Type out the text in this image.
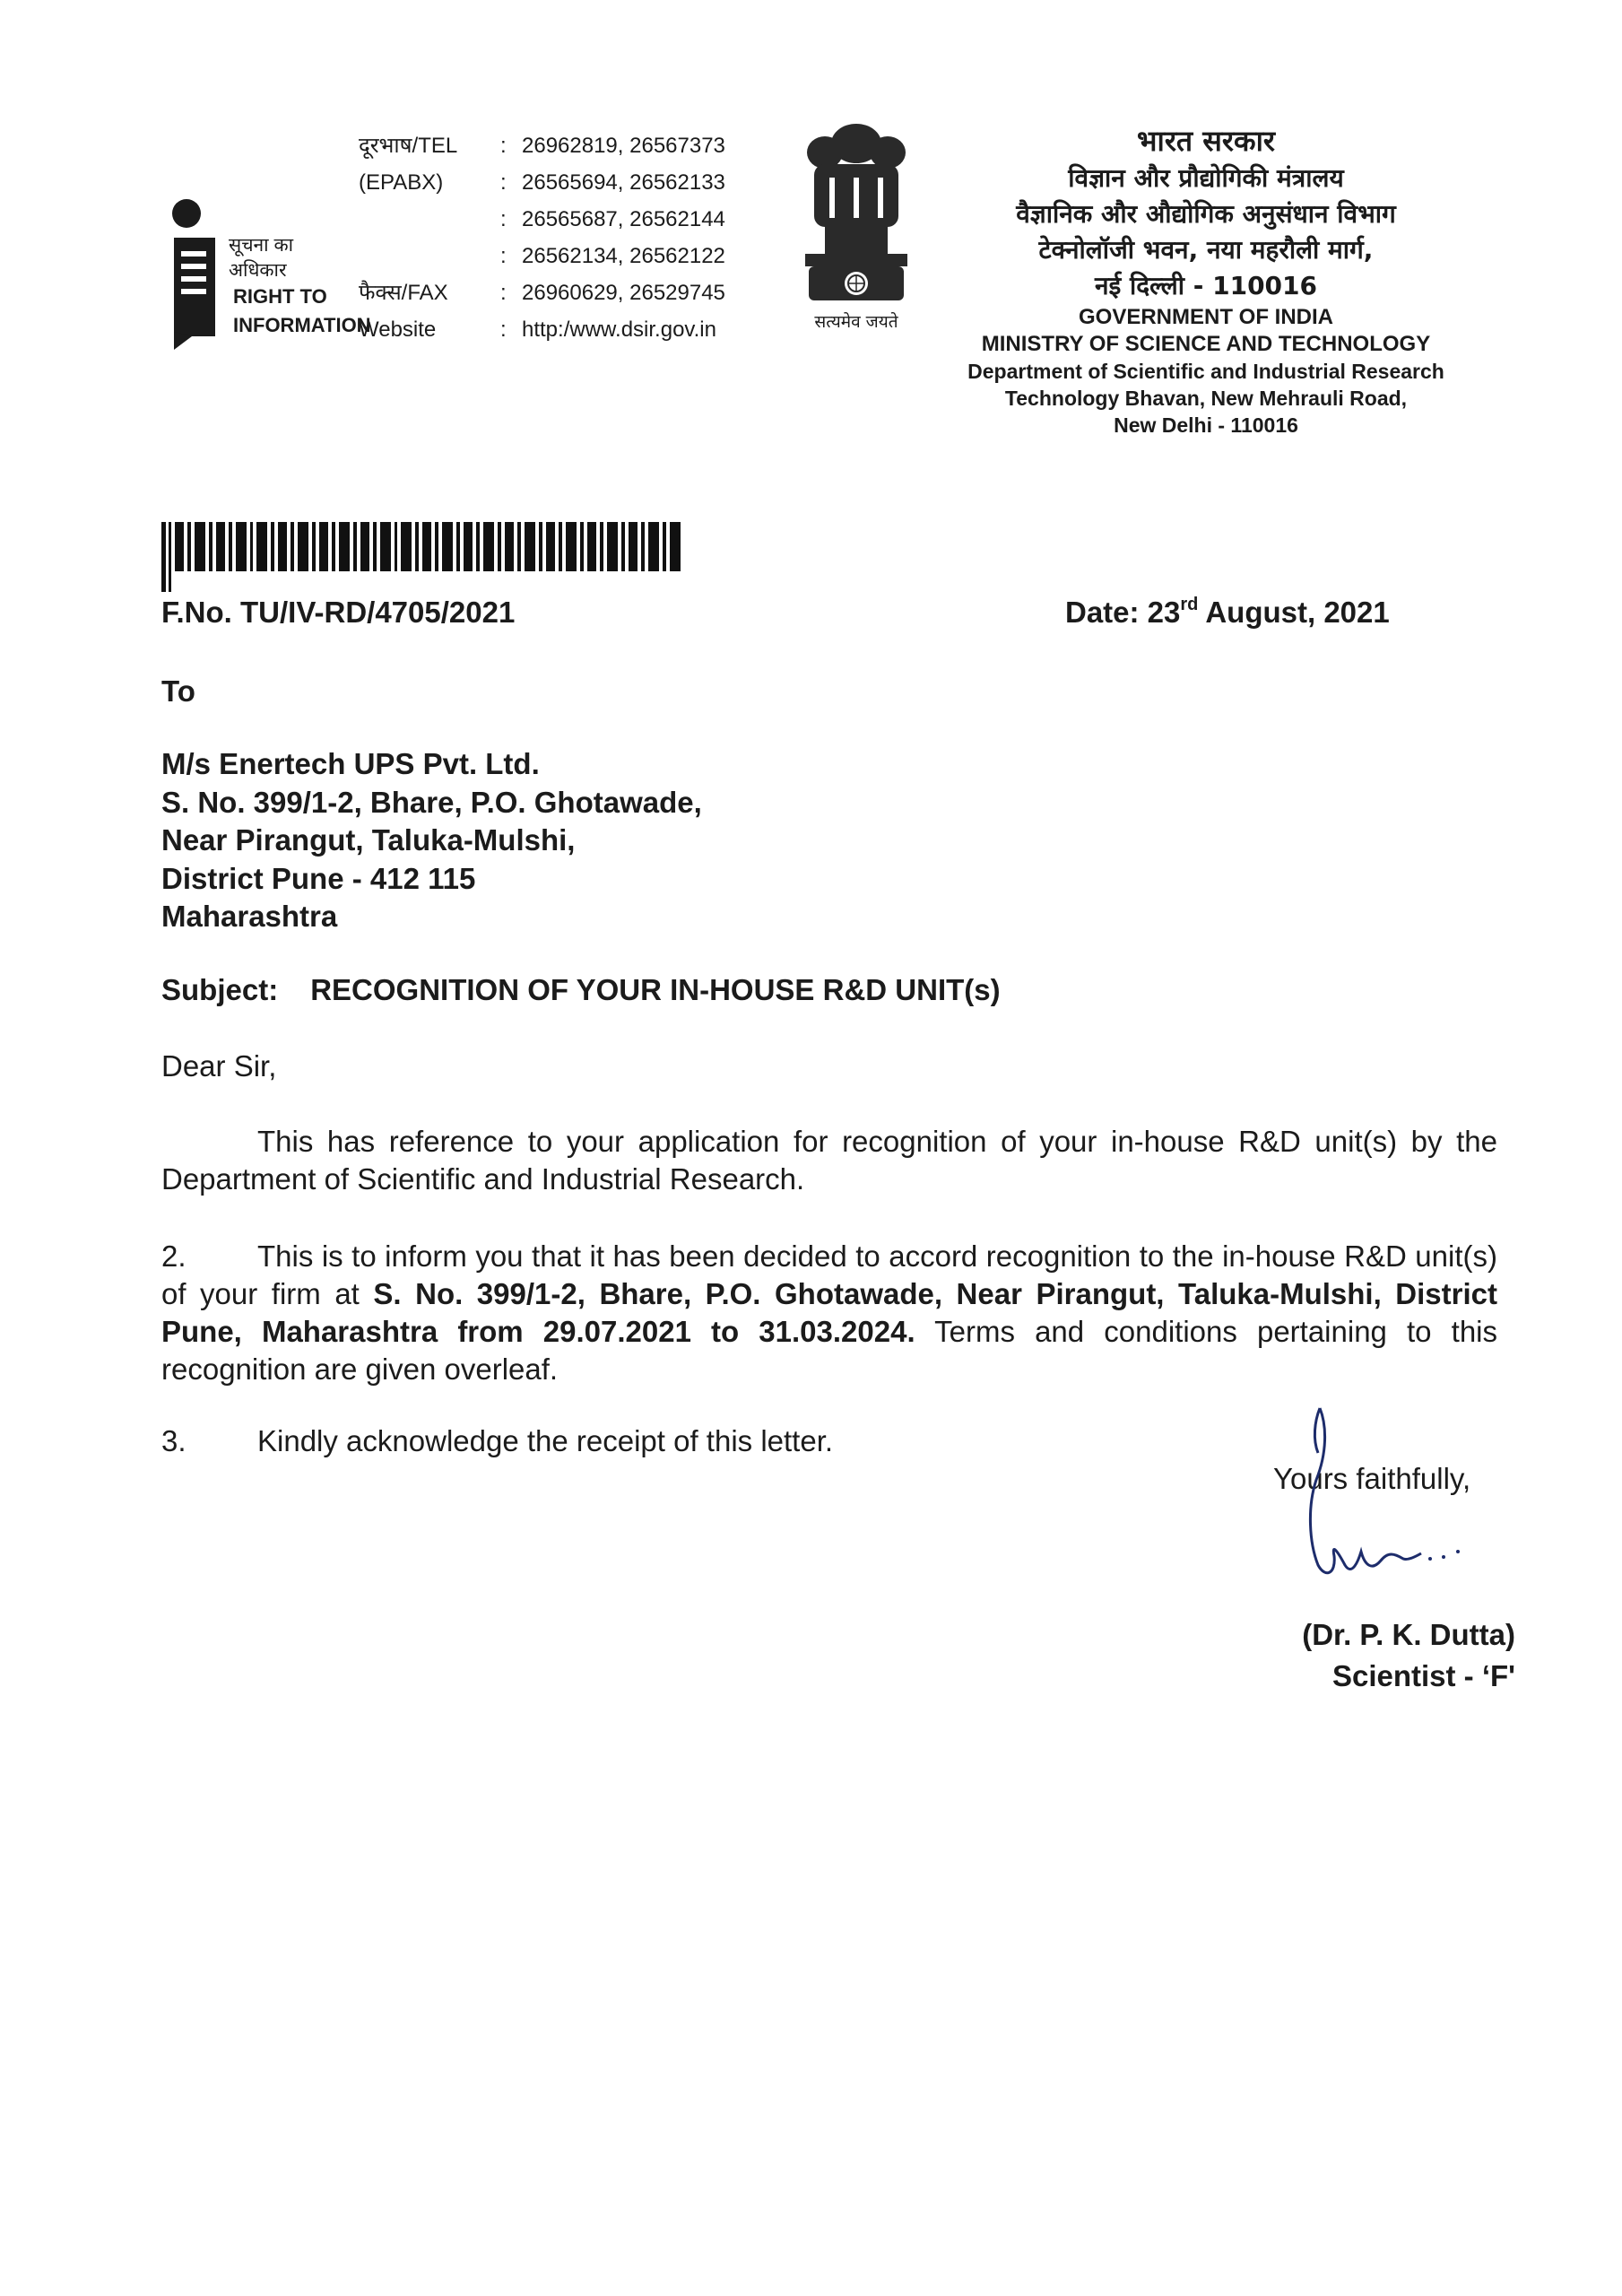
सूचना का
अधिकार
RIGHT TO
INFORMATION
दूरभाष/TEL	: 26962819, 26567373
(EPABX)	: 26565694, 26562133
: 26565687, 26562144
: 26562134, 26562122
फैक्स/FAX	: 26960629, 26529745
Website	: http:/www.dsir.gov.in	सत्यमेव जयते
भारत सरकार
विज्ञान और प्रौद्योगिकी मंत्रालय
वैज्ञानिक और औद्योगिक अनुसंधान विभाग
टेक्नोलॉजी भवन, नया महरौली मार्ग,
नई दिल्ली - 110016
GOVERNMENT OF INDIA
MINISTRY OF SCIENCE AND TECHNOLOGY
Department of Scientific and Industrial Research
Technology Bhavan, New Mehrauli Road,
New Delhi - 110016
F.No. TU/IV-RD/4705/2021	Date: 23rd August, 2021
To
M/s Enertech UPS Pvt. Ltd.
S. No. 399/1-2, Bhare, P.O. Ghotawade,
Near Pirangut, Taluka-Mulshi,
District Pune - 412 115
Maharashtra
Subject: RECOGNITION OF YOUR IN-HOUSE R&D UNIT(s)
Dear Sir,
This has reference to your application for recognition of your in-house R&D unit(s) by the Department of Scientific and Industrial Research.
2. This is to inform you that it has been decided to accord recognition to the in-house R&D unit(s) of your firm at S. No. 399/1-2, Bhare, P.O. Ghotawade, Near Pirangut, Taluka-Mulshi, District Pune, Maharashtra from 29.07.2021 to 31.03.2024. Terms and conditions pertaining to this recognition are given overleaf.
3. Kindly acknowledge the receipt of this letter.
Yours faithfully,
(Dr. P. K. Dutta)
Scientist - ‘F'
